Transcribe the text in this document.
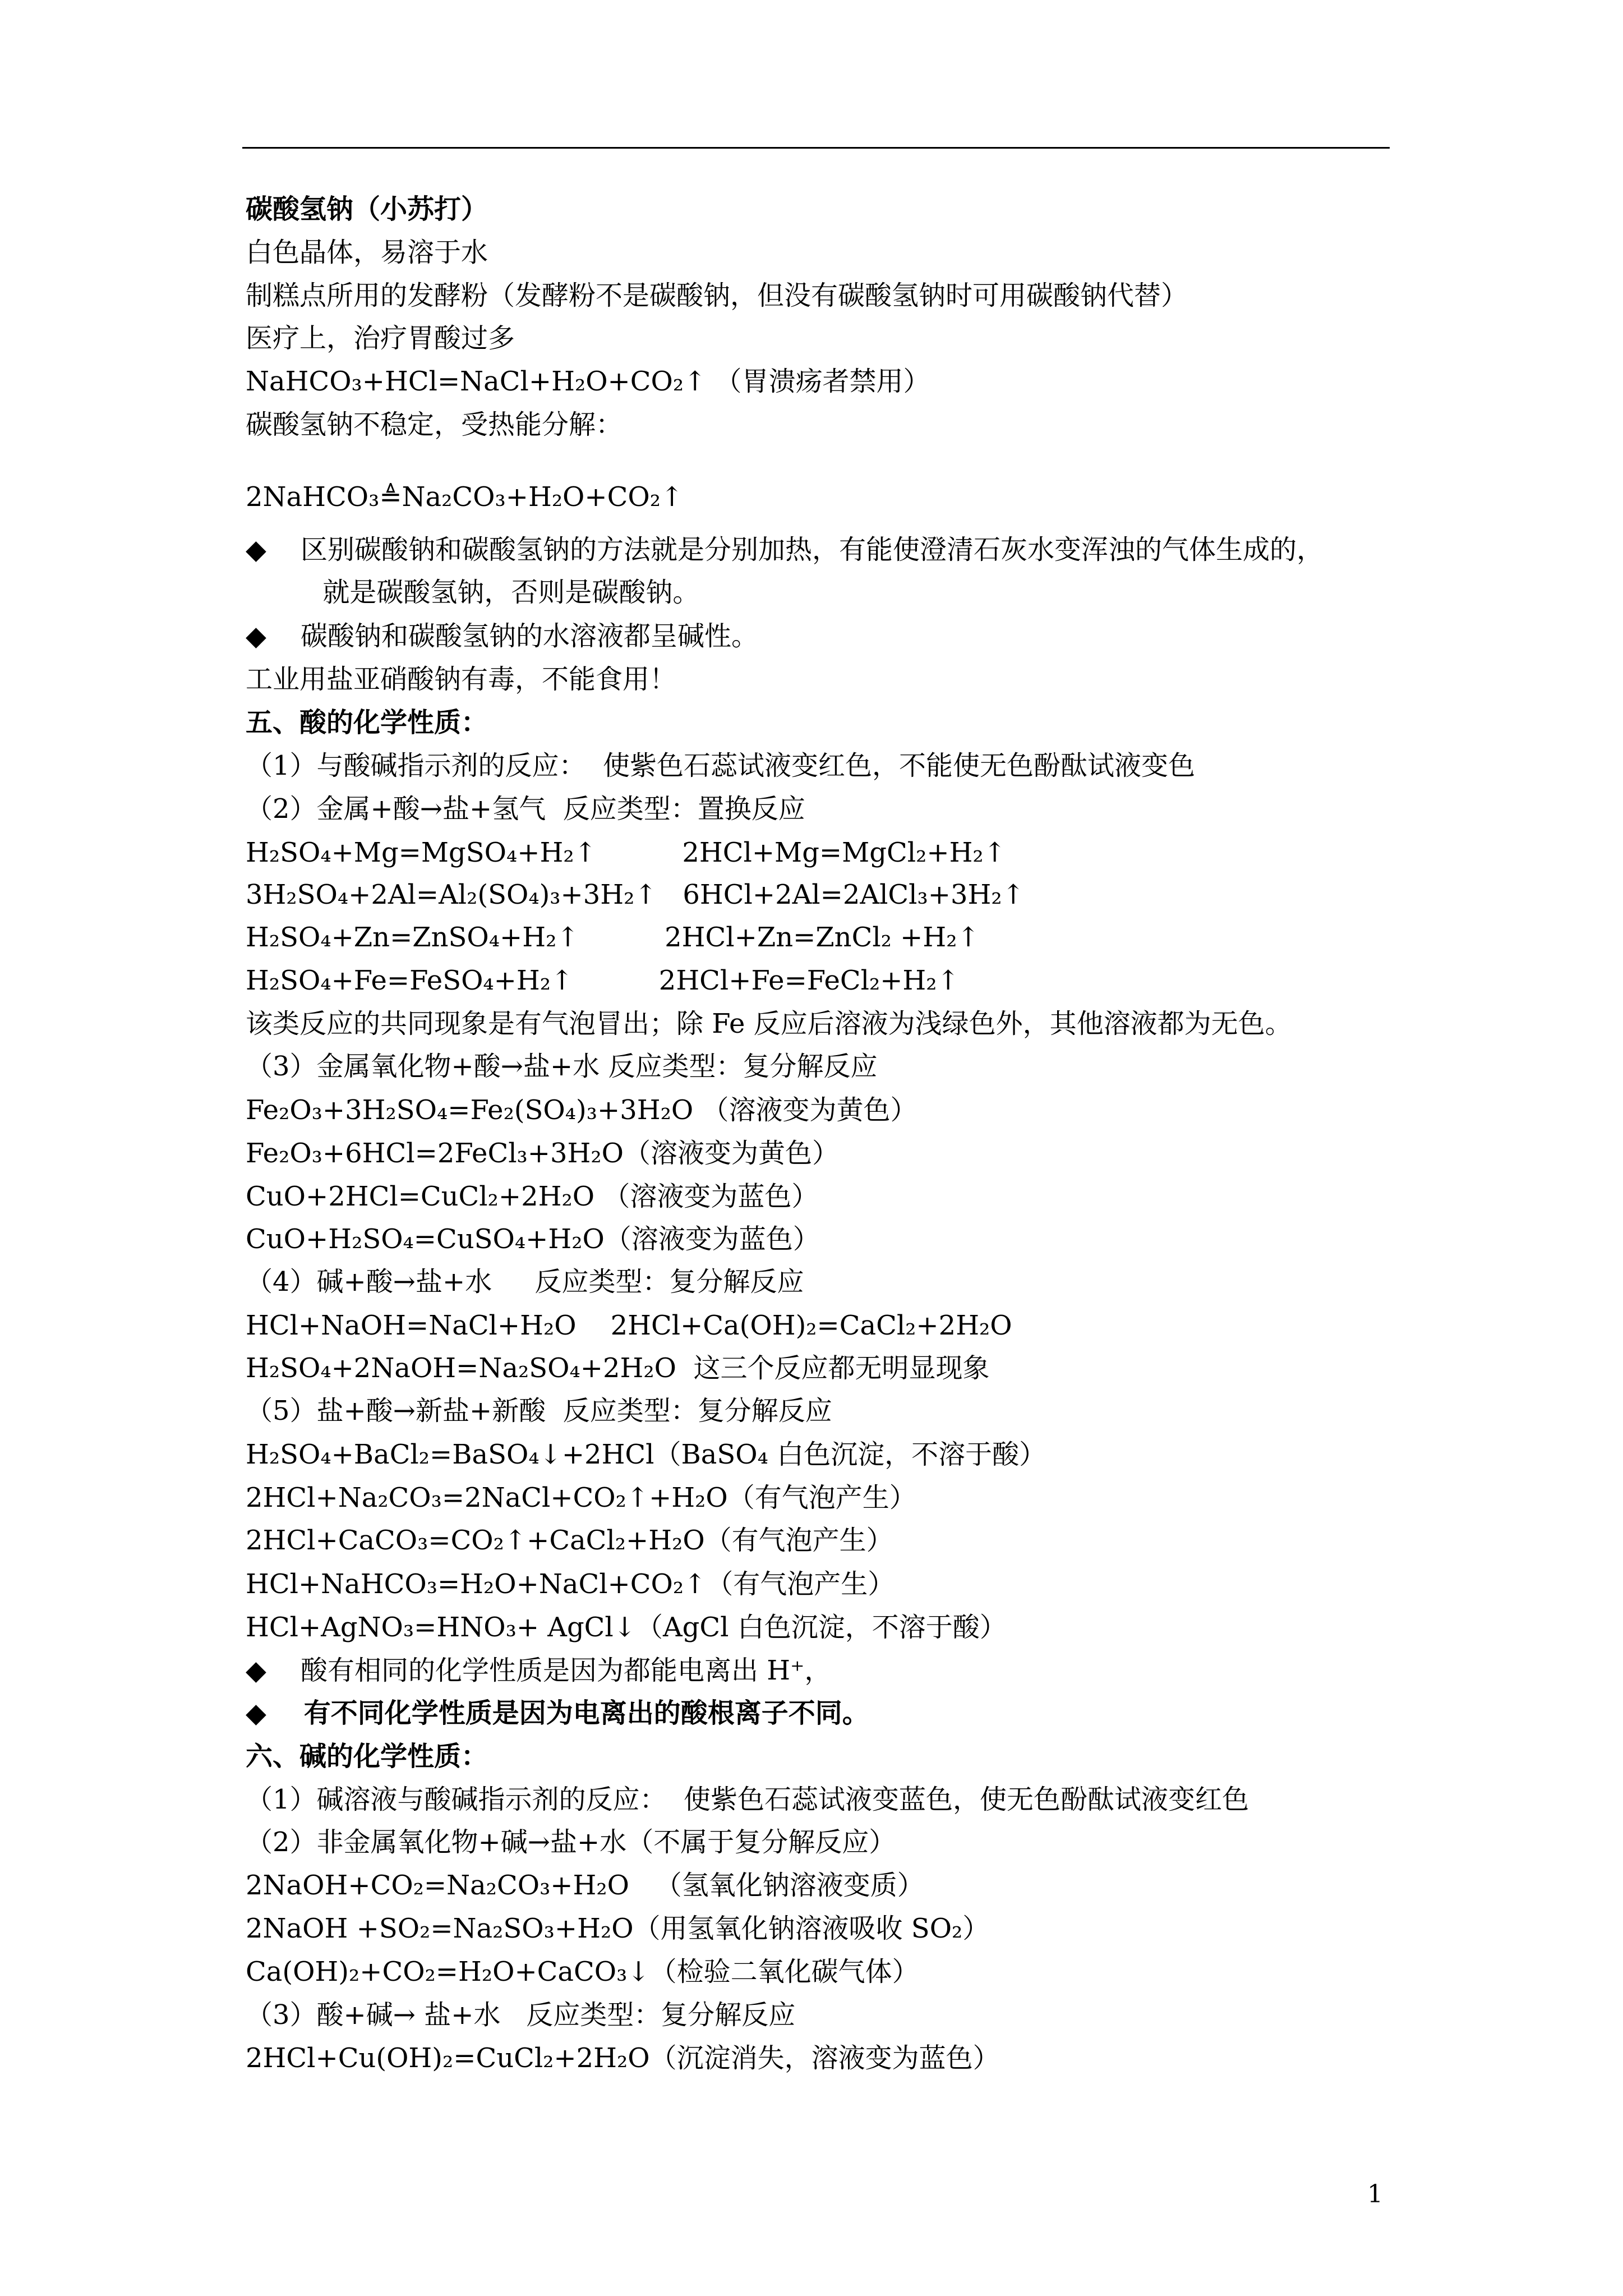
碳酸氢钠（小苏打）
白色晶体，易溶于水
制糕点所用的发酵粉（发酵粉不是碳酸钠，但没有碳酸氢钠时可用碳酸钠代替）
医疗上，治疗胃酸过多
NaHCO₃+HCl=NaCl+H₂O+CO₂↑ （胃溃疡者禁用）
碳酸氢钠不稳定，受热能分解：
2NaHCO₃≜Na₂CO₃+H₂O+CO₂↑
◆    区别碳酸钠和碳酸氢钠的方法就是分别加热，有能使澄清石灰水变浑浊的气体生成的，
就是碳酸氢钠，否则是碳酸钠。
◆    碳酸钠和碳酸氢钠的水溶液都呈碱性。
工业用盐亚硝酸钠有毒，不能食用！
五、酸的化学性质：
（1）与酸碱指示剂的反应：  使紫色石蕊试液变红色，不能使无色酚酞试液变色
（2）金属+酸→盐+氢气  反应类型：置换反应
H₂SO₄+Mg=MgSO₄+H₂↑          2HCl+Mg=MgCl₂+H₂↑
3H₂SO₄+2Al=Al₂(SO₄)₃+3H₂↑   6HCl+2Al=2AlCl₃+3H₂↑
H₂SO₄+Zn=ZnSO₄+H₂↑          2HCl+Zn=ZnCl₂ +H₂↑
H₂SO₄+Fe=FeSO₄+H₂↑          2HCl+Fe=FeCl₂+H₂↑
该类反应的共同现象是有气泡冒出；除 Fe 反应后溶液为浅绿色外，其他溶液都为无色。
（3）金属氧化物+酸→盐+水 反应类型：复分解反应
Fe₂O₃+3H₂SO₄=Fe₂(SO₄)₃+3H₂O （溶液变为黄色）
Fe₂O₃+6HCl=2FeCl₃+3H₂O（溶液变为黄色）
CuO+2HCl=CuCl₂+2H₂O （溶液变为蓝色）
CuO+H₂SO₄=CuSO₄+H₂O（溶液变为蓝色）
（4）碱+酸→盐+水     反应类型：复分解反应
HCl+NaOH=NaCl+H₂O    2HCl+Ca(OH)₂=CaCl₂+2H₂O
H₂SO₄+2NaOH=Na₂SO₄+2H₂O  这三个反应都无明显现象
（5）盐+酸→新盐+新酸  反应类型：复分解反应
H₂SO₄+BaCl₂=BaSO₄↓+2HCl（BaSO₄ 白色沉淀，不溶于酸）
2HCl+Na₂CO₃=2NaCl+CO₂↑+H₂O（有气泡产生）
2HCl+CaCO₃=CO₂↑+CaCl₂+H₂O（有气泡产生）
HCl+NaHCO₃=H₂O+NaCl+CO₂↑（有气泡产生）
HCl+AgNO₃=HNO₃+ AgCl↓（AgCl 白色沉淀，不溶于酸）
◆    酸有相同的化学性质是因为都能电离出 H⁺，
◆    有不同化学性质是因为电离出的酸根离子不同。
六、碱的化学性质：
（1）碱溶液与酸碱指示剂的反应：  使紫色石蕊试液变蓝色，使无色酚酞试液变红色
（2）非金属氧化物+碱→盐+水（不属于复分解反应）
2NaOH+CO₂=Na₂CO₃+H₂O   （氢氧化钠溶液变质）
2NaOH +SO₂=Na₂SO₃+H₂O（用氢氧化钠溶液吸收 SO₂）
Ca(OH)₂+CO₂=H₂O+CaCO₃↓（检验二氧化碳气体）
（3）酸+碱→ 盐+水   反应类型：复分解反应
2HCl+Cu(OH)₂=CuCl₂+2H₂O（沉淀消失，溶液变为蓝色）
1
